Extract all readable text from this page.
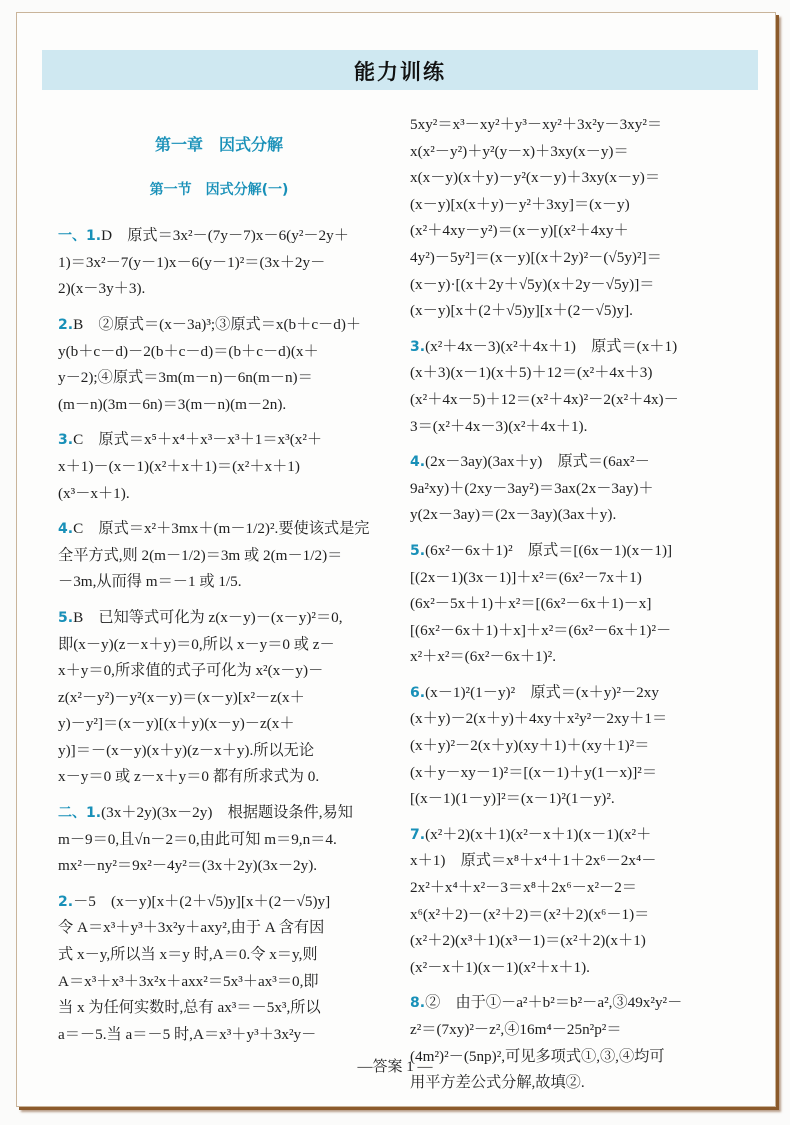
能力训练
第一章　因式分解
第一节　因式分解(一)
一、1.D　原式＝3x²－(7y－7)x－6(y²－2y＋
1)＝3x²－7(y－1)x－6(y－1)²＝(3x＋2y－
2)(x－3y＋3).
2.B　②原式＝(x－3a)³;③原式＝x(b＋c－d)＋
y(b＋c－d)－2(b＋c－d)＝(b＋c－d)(x＋
y－2);④原式＝3m(m－n)－6n(m－n)＝
(m－n)(3m－6n)＝3(m－n)(m－2n).
3.C　原式＝x⁵＋x⁴＋x³－x³＋1＝x³(x²＋
x＋1)－(x－1)(x²＋x＋1)＝(x²＋x＋1)
(x³－x＋1).
4.C　原式＝x²＋3mx＋(m－1/2)².要使该式是完
全平方式,则 2(m－1/2)＝3m 或 2(m－1/2)＝
－3m,从而得 m＝－1 或 1/5.
5.B　已知等式可化为 z(x－y)－(x－y)²＝0,
即(x－y)(z－x＋y)＝0,所以 x－y＝0 或 z－
x＋y＝0,所求值的式子可化为 x²(x－y)－
z(x²－y²)－y²(x－y)＝(x－y)[x²－z(x＋
y)－y²]＝(x－y)[(x＋y)(x－y)－z(x＋
y)]＝－(x－y)(x＋y)(z－x＋y).所以无论
x－y＝0 或 z－x＋y＝0 都有所求式为 0.
二、1.(3x＋2y)(3x－2y)　根据题设条件,易知
m－9＝0,且√n－2＝0,由此可知 m＝9,n＝4.
mx²－ny²＝9x²－4y²＝(3x＋2y)(3x－2y).
2.－5　(x－y)[x＋(2＋√5)y][x＋(2－√5)y]
令 A＝x³＋y³＋3x²y＋axy²,由于 A 含有因
式 x－y,所以当 x＝y 时,A＝0.令 x＝y,则
A＝x³＋x³＋3x²x＋axx²＝5x³＋ax³＝0,即
当 x 为任何实数时,总有 ax³＝－5x³,所以
a＝－5.当 a＝－5 时,A＝x³＋y³＋3x²y－
5xy²＝x³－xy²＋y³－xy²＋3x²y－3xy²＝
x(x²－y²)＋y²(y－x)＋3xy(x－y)＝
x(x－y)(x＋y)－y²(x－y)＋3xy(x－y)＝
(x－y)[x(x＋y)－y²＋3xy]＝(x－y)
(x²＋4xy－y²)＝(x－y)[(x²＋4xy＋
4y²)－5y²]＝(x－y)[(x＋2y)²－(√5y)²]＝
(x－y)·[(x＋2y＋√5y)(x＋2y－√5y)]＝
(x－y)[x＋(2＋√5)y][x＋(2－√5)y].
3.(x²＋4x－3)(x²＋4x＋1)　原式＝(x＋1)
(x＋3)(x－1)(x＋5)＋12＝(x²＋4x＋3)
(x²＋4x－5)＋12＝(x²＋4x)²－2(x²＋4x)－
3＝(x²＋4x－3)(x²＋4x＋1).
4.(2x－3ay)(3ax＋y)　原式＝(6ax²－
9a²xy)＋(2xy－3ay²)＝3ax(2x－3ay)＋
y(2x－3ay)＝(2x－3ay)(3ax＋y).
5.(6x²－6x＋1)²　原式＝[(6x－1)(x－1)]
[(2x－1)(3x－1)]＋x²＝(6x²－7x＋1)
(6x²－5x＋1)＋x²＝[(6x²－6x＋1)－x]
[(6x²－6x＋1)＋x]＋x²＝(6x²－6x＋1)²－
x²＋x²＝(6x²－6x＋1)².
6.(x－1)²(1－y)²　原式＝(x＋y)²－2xy
(x＋y)－2(x＋y)＋4xy＋x²y²－2xy＋1＝
(x＋y)²－2(x＋y)(xy＋1)＋(xy＋1)²＝
(x＋y－xy－1)²＝[(x－1)＋y(1－x)]²＝
[(x－1)(1－y)]²＝(x－1)²(1－y)².
7.(x²＋2)(x＋1)(x²－x＋1)(x－1)(x²＋
x＋1)　原式＝x⁸＋x⁴＋1＋2x⁶－2x⁴－
2x²＋x⁴＋x²－3＝x⁸＋2x⁶－x²－2＝
x⁶(x²＋2)－(x²＋2)＝(x²＋2)(x⁶－1)＝
(x²＋2)(x³＋1)(x³－1)＝(x²＋2)(x＋1)
(x²－x＋1)(x－1)(x²＋x＋1).
8.②　由于①－a²＋b²＝b²－a²,③49x²y²－
z²＝(7xy)²－z²,④16m⁴－25n²p²＝
(4m²)²－(5np)²,可见多项式①,③,④均可
用平方差公式分解,故填②.
—答案 1 —
